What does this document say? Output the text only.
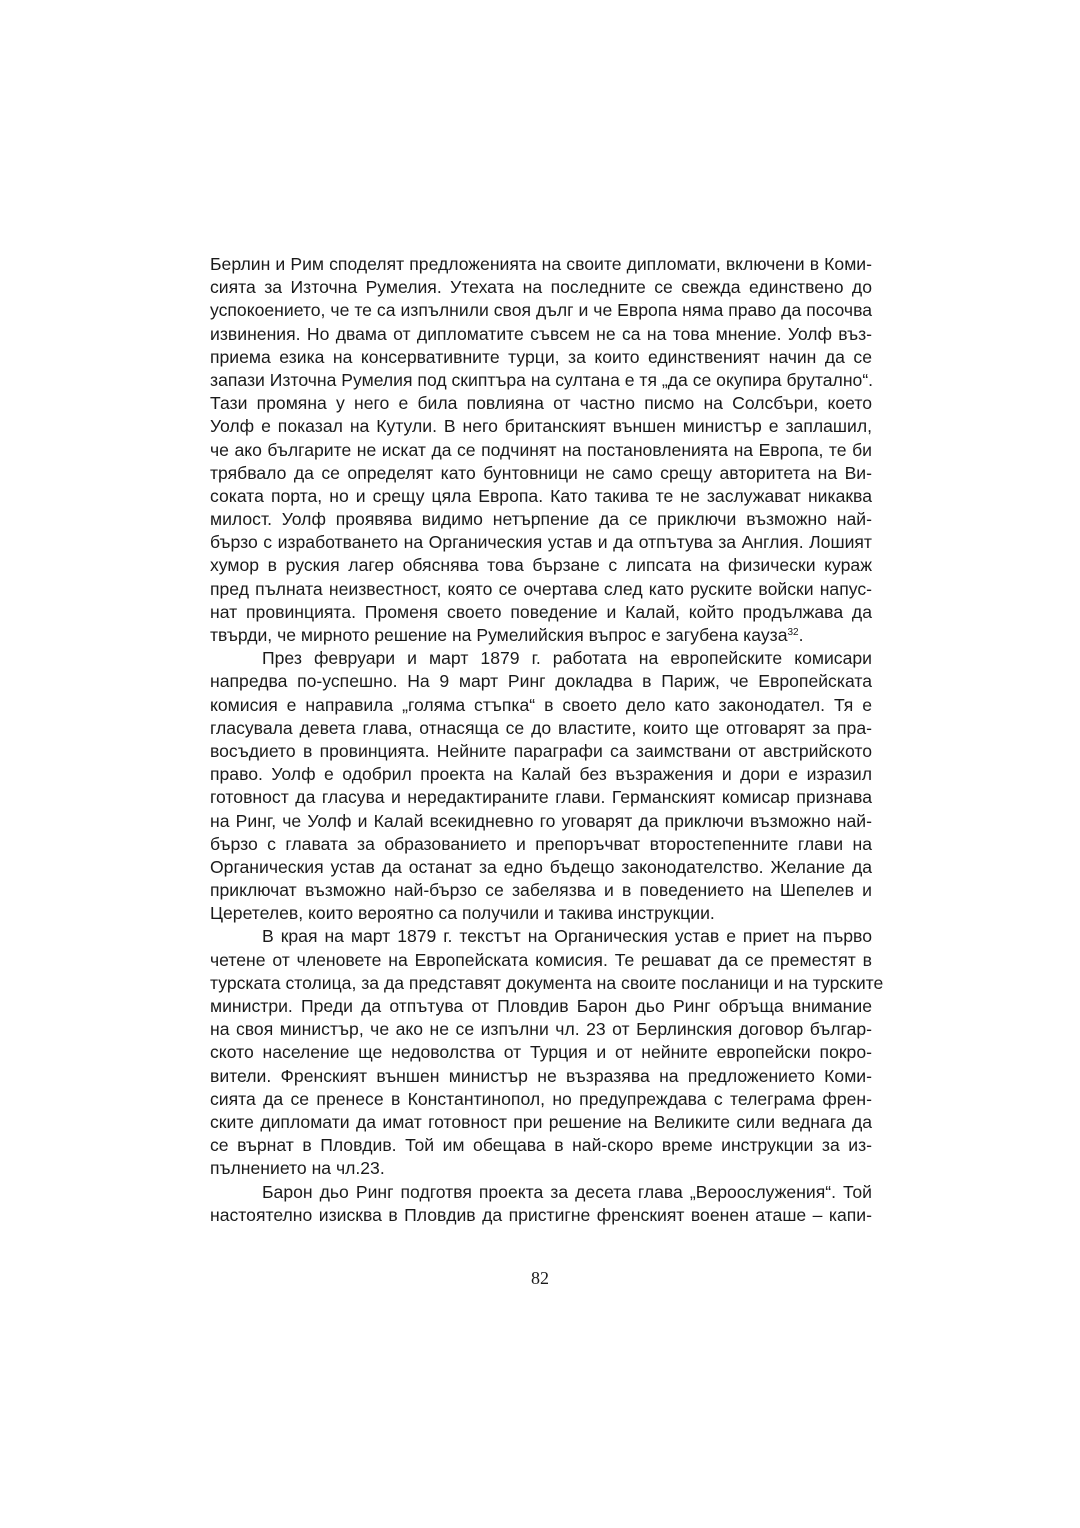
Берлин и Рим споделят предложенията на своите дипломати, включени в Коми-
сията за Източна Румелия. Утехата на последните се свежда единствено до
успокоението, че те са изпълнили своя дълг и че Европа няма право да посочва
извинения. Но двама от дипломатите съвсем не са на това мнение. Уолф въз-
приема езика на консервативните турци, за които единственият начин да се
запази Източна Румелия под скиптъра на султана е тя „да се окупира брутално“.
Тази промяна у него е била повлияна от частно писмо на Солсбъри, което
Уолф е показал на Кутули. В него британският външен министър е заплашил,
че ако българите не искат да се подчинят на постановленията на Европа, те би
трябвало да се определят като бунтовници не само срещу авторитета на Ви-
соката порта, но и срещу цяла Европа. Като такива те не заслужават никаква
милост. Уолф проявява видимо нетърпение да се приключи възможно най-
бързо с изработването на Органическия устав и да отпътува за Англия. Лошият
хумор в руския лагер обяснява това бързане с липсата на физически кураж
пред пълната неизвестност, която се очертава след като руските войски напус-
нат провинцията. Променя своето поведение и Калай, който продължава да
твърди, че мирното решение на Румелийския въпрос е загубена кауза$^{32}$.

През февруари и март 1879 г. работата на европейските комисари
напредва по-успешно. На 9 март Ринг докладва в Париж, че Европейската
комисия е направила „голяма стъпка“ в своето дело като законодател. Тя е
гласувала девета глава, отнасяща се до властите, които ще отговарят за пра-
восъдието в провинцията. Нейните параграфи са заимствани от австрийското
право. Уолф е одобрил проекта на Калай без възражения и дори е изразил
готовност да гласува и нередактираните глави. Германският комисар признава
на Ринг, че Уолф и Калай всекидневно го уговарят да приключи възможно най-
бързо с главата за образованието и препоръчват второстепенните глави на
Органическия устав да останат за едно бъдещо законодателство. Желание да
приключат възможно най-бързо се забелязва и в поведението на Шепелев и
Церетелев, които вероятно са получили и такива инструкции.

В края на март 1879 г. текстът на Органическия устав е приет на първо
четене от членовете на Европейската комисия. Те решават да се преместят в
турската столица, за да представят документа на своите посланици и на турските
министри. Преди да отпътува от Пловдив Барон дьо Ринг обръща внимание
на своя министър, че ако не се изпълни чл. 23 от Берлинския договор българ-
ското население ще недоволства от Турция и от нейните европейски покро-
вители. Френският външен министър не възразява на предложението Коми-
сията да се пренесе в Константинопол, но предупреждава с телеграма френ-
ските дипломати да имат готовност при решение на Великите сили веднага да
се върнат в Пловдив. Той им обещава в най-скоро време инструкции за из-
пълнението на чл.23.

Барон дьо Ринг подготвя проекта за десета глава „Вероослужения“. Той
настоятелно изисква в Пловдив да пристигне френският военен аташе – капи-

82
